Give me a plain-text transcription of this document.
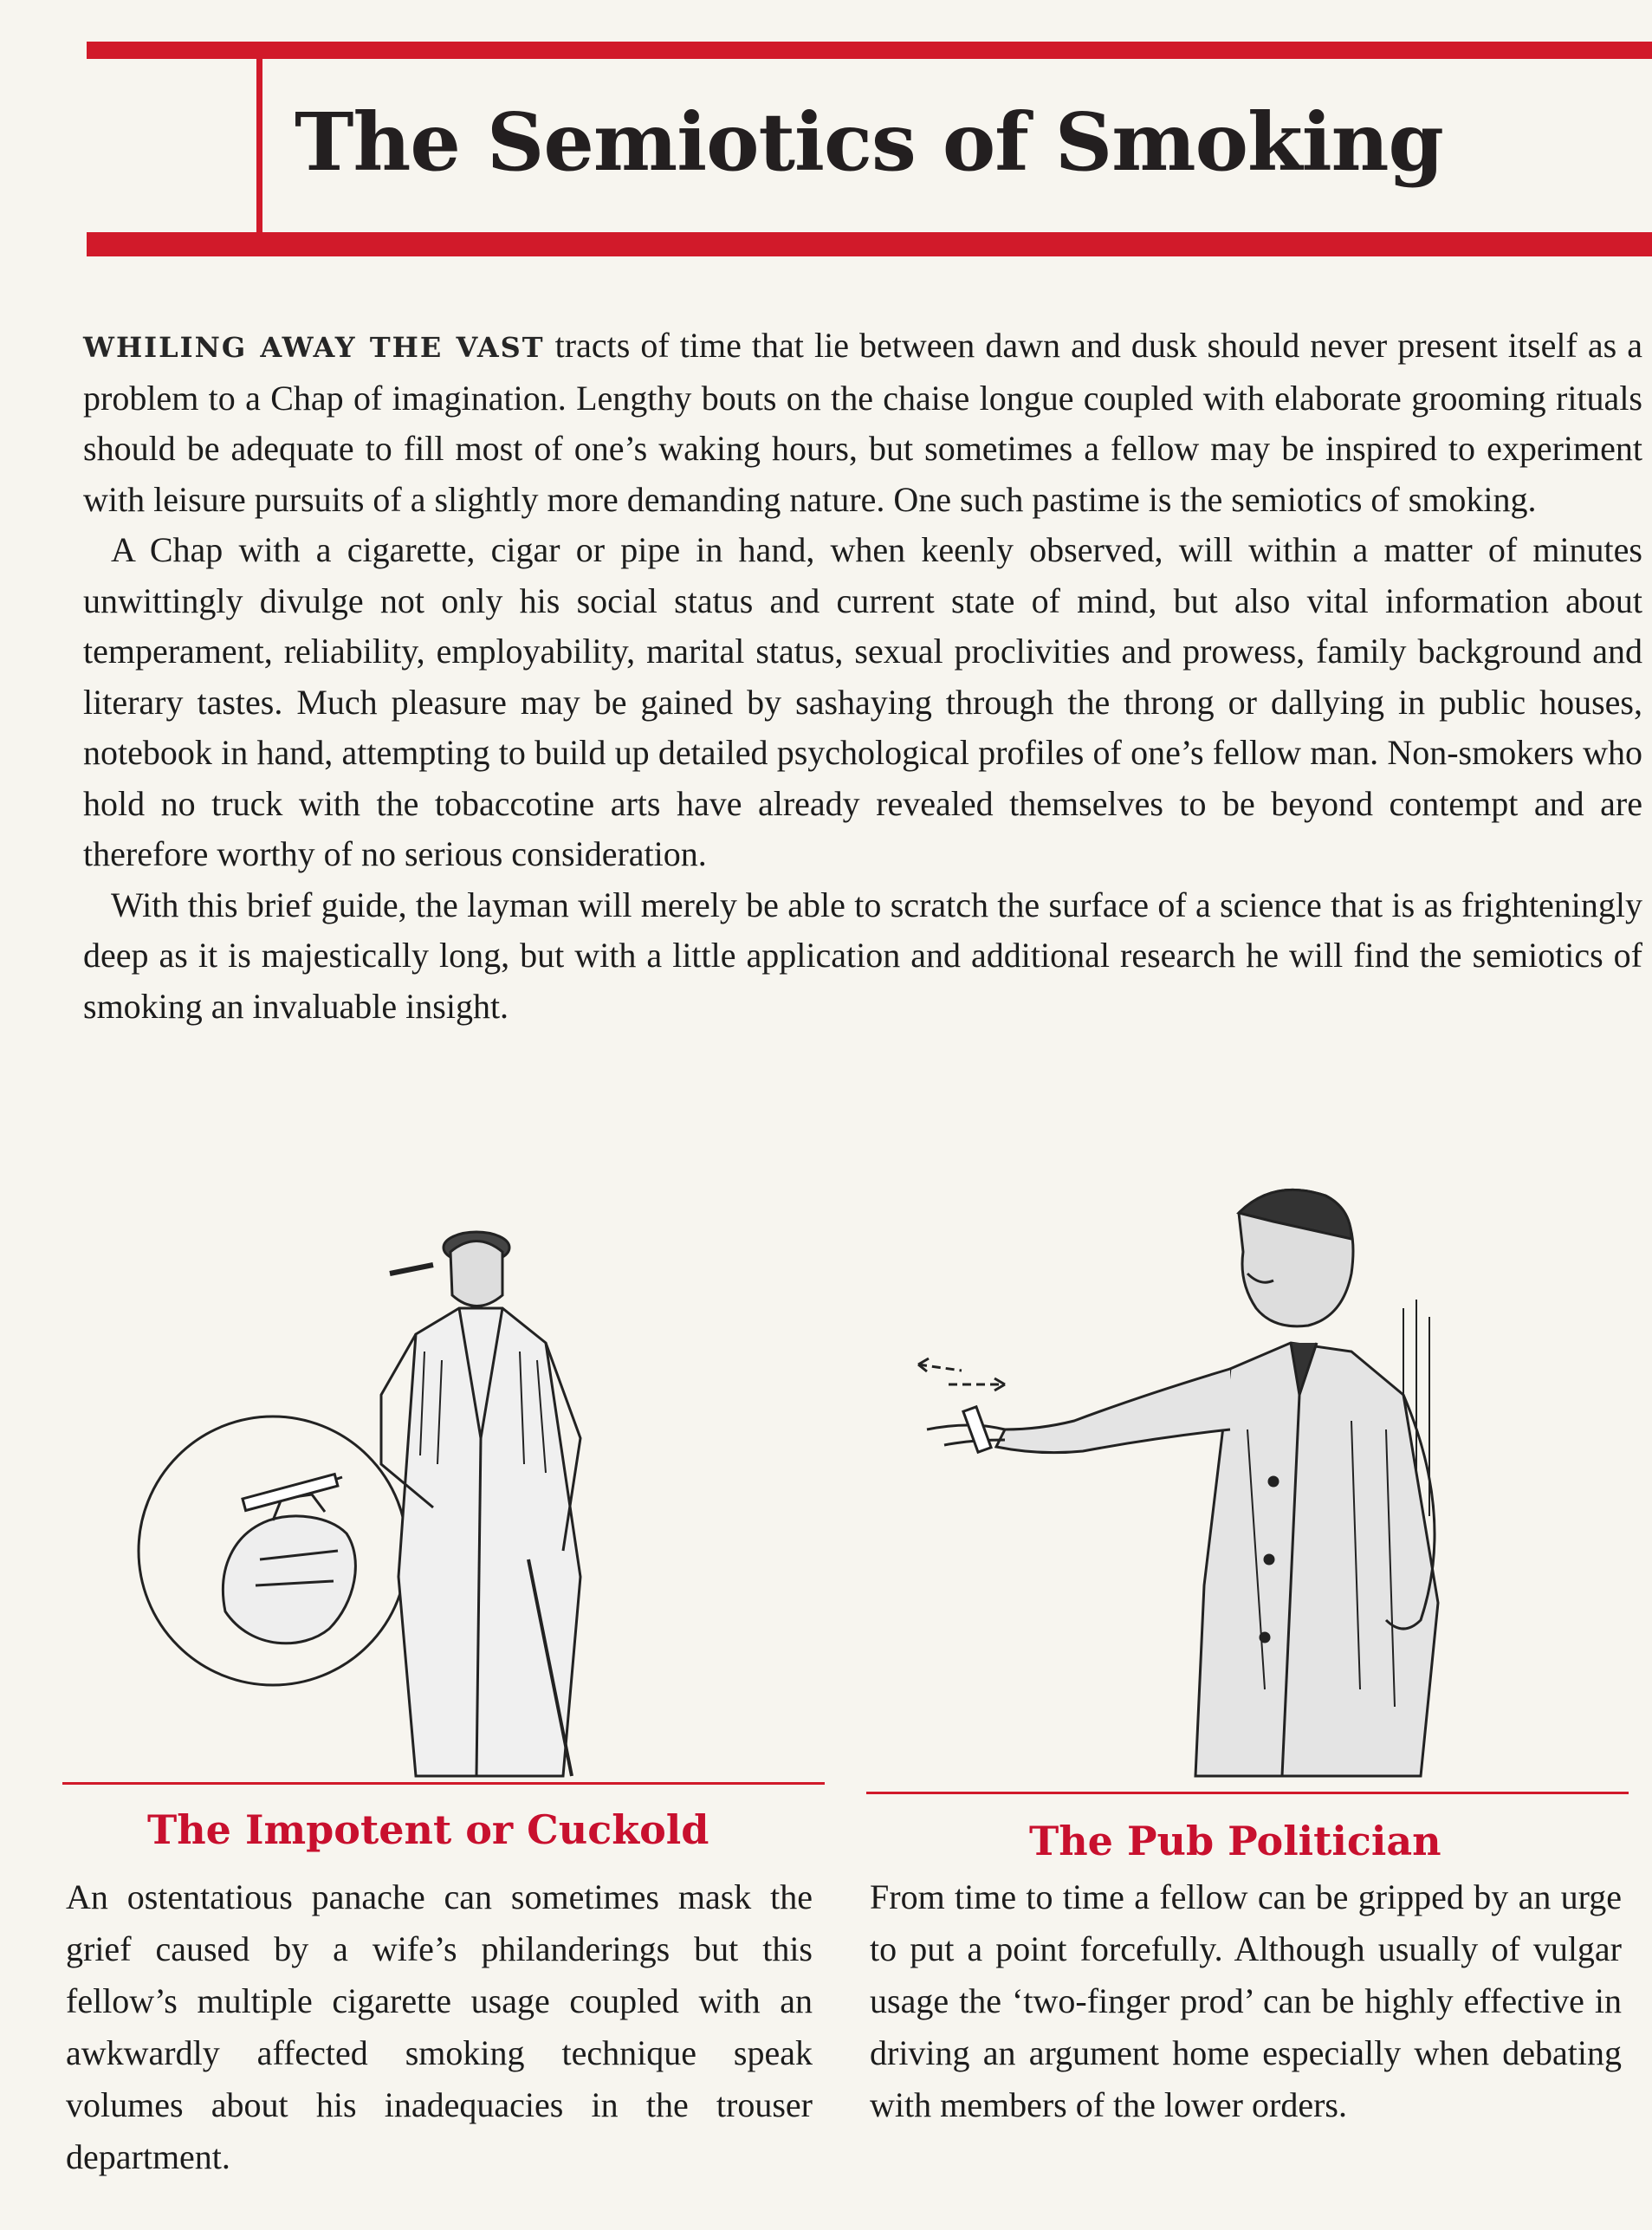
The Semiotics of Smoking

WHILING AWAY THE VAST tracts of time that lie between dawn and dusk should never present itself as a problem to a Chap of imagination. Lengthy bouts on the chaise longue coupled with elaborate grooming rituals should be adequate to fill most of one’s waking hours, but sometimes a fellow may be inspired to experiment with leisure pursuits of a slightly more demanding nature. One such pastime is the semiotics of smoking.

A Chap with a cigarette, cigar or pipe in hand, when keenly observed, will within a matter of minutes unwittingly divulge not only his social status and current state of mind, but also vital information about temperament, reliability, employability, marital status, sexual proclivities and prowess, family background and literary tastes. Much pleasure may be gained by sashaying through the throng or dallying in public houses, notebook in hand, attempting to build up detailed psychological profiles of one’s fellow man. Non-smokers who hold no truck with the tobaccotine arts have already revealed themselves to be beyond contempt and are therefore worthy of no serious consideration.

With this brief guide, the layman will merely be able to scratch the surface of a science that is as frighteningly deep as it is majestically long, but with a little application and additional research he will find the semiotics of smoking an invaluable insight.

The Impotent or Cuckold
An ostentatious panache can sometimes mask the grief caused by a wife’s philanderings but this fellow’s multiple cigarette usage coupled with an awkwardly affected smoking technique speak volumes about his inadequacies in the trouser department.
The Pub Politician
From time to time a fellow can be gripped by an urge to put a point forcefully. Although usually of vulgar usage the ‘two-finger prod’ can be highly effective in driving an argument home especially when debating with members of the lower orders.
